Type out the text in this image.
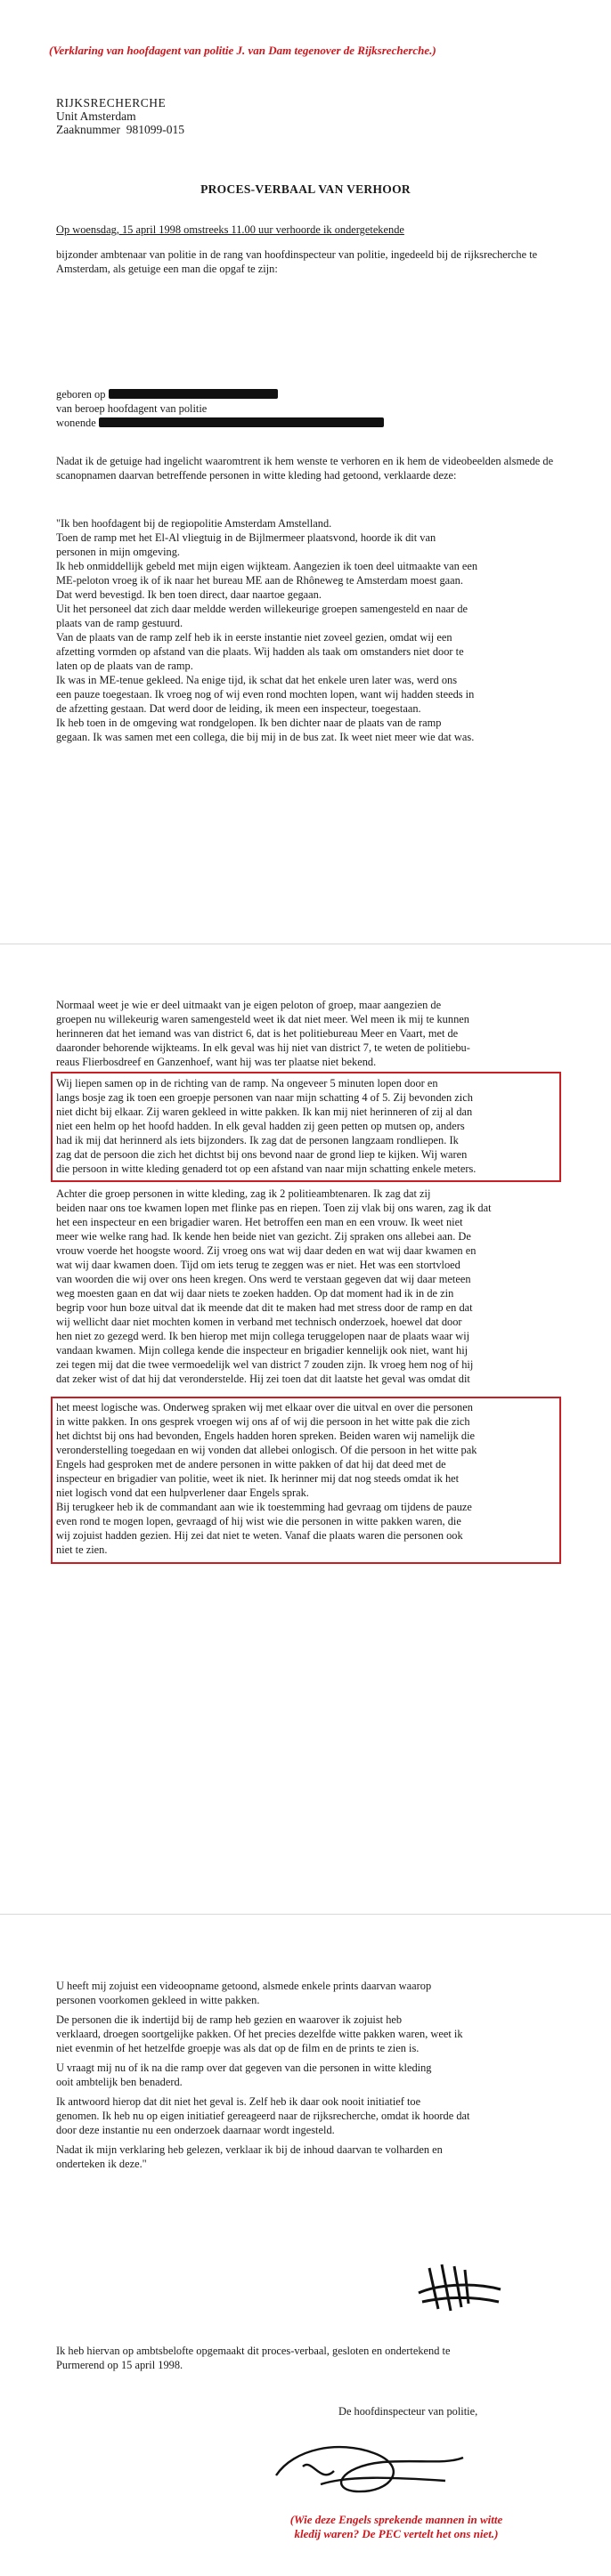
(Verklaring van hoofdagent van politie J. van Dam tegenover de Rijksrecherche.)
RIJKSRECHERCHE
Unit Amsterdam
Zaaknummer 981099-015
PROCES-VERBAAL VAN VERHOOR

Op woensdag, 15 april 1998 omstreeks 11.00 uur verhoorde ik ondergetekende

bijzonder ambtenaar van politie in de rang van hoofdinspecteur van politie, ingedeeld bij de rijksrecherche te Amsterdam, als getuige een man die opgaf te zijn:

geboren op

van beroep hoofdagent van politie

wonende

Nadat ik de getuige had ingelicht waaromtrent ik hem wenste te verhoren en ik hem de videobeelden alsmede de scanopnamen daarvan betreffende personen in witte kleding had getoond, verklaarde deze:

"Ik ben hoofdagent bij de regiopolitie Amsterdam Amstelland.

Toen de ramp met het El-Al vliegtuig in de Bijlmermeer plaatsvond, hoorde ik dit van

personen in mijn omgeving.

Ik heb onmiddellijk gebeld met mijn eigen wijkteam. Aangezien ik toen deel uitmaakte van een

ME-peloton vroeg ik of ik naar het bureau ME aan de Rhôneweg te Amsterdam moest gaan.

Dat werd bevestigd. Ik ben toen direct, daar naartoe gegaan.

Uit het personeel dat zich daar meldde werden willekeurige groepen samengesteld en naar de

plaats van de ramp gestuurd.

Van de plaats van de ramp zelf heb ik in eerste instantie niet zoveel gezien, omdat wij een

afzetting vormden op afstand van die plaats. Wij hadden als taak om omstanders niet door te

laten op de plaats van de ramp.

Ik was in ME-tenue gekleed. Na enige tijd, ik schat dat het enkele uren later was, werd ons

een pauze toegestaan. Ik vroeg nog of wij even rond mochten lopen, want wij hadden steeds in

de afzetting gestaan. Dat werd door de leiding, ik meen een inspecteur, toegestaan.

Ik heb toen in de omgeving wat rondgelopen. Ik ben dichter naar de plaats van de ramp

gegaan. Ik was samen met een collega, die bij mij in de bus zat. Ik weet niet meer wie dat was.

Normaal weet je wie er deel uitmaakt van je eigen peloton of groep, maar aangezien de

groepen nu willekeurig waren samengesteld weet ik dat niet meer. Wel meen ik mij te kunnen

herinneren dat het iemand was van district 6, dat is het politiebureau Meer en Vaart, met de

daaronder behorende wijkteams. In elk geval was hij niet van district 7, te weten de politiebu-

reaus Flierbosdreef en Ganzenhoef, want hij was ter plaatse niet bekend.

Wij liepen samen op in de richting van de ramp. Na ongeveer 5 minuten lopen door en

langs bosje zag ik toen een groepje personen van naar mijn schatting 4 of 5. Zij bevonden zich

niet dicht bij elkaar. Zij waren gekleed in witte pakken. Ik kan mij niet herinneren of zij al dan

niet een helm op het hoofd hadden. In elk geval hadden zij geen petten op mutsen op, anders

had ik mij dat herinnerd als iets bijzonders. Ik zag dat de personen langzaam rondliepen. Ik

zag dat de persoon die zich het dichtst bij ons bevond naar de grond liep te kijken. Wij waren

die persoon in witte kleding genaderd tot op een afstand van naar mijn schatting enkele meters.

Achter die groep personen in witte kleding, zag ik 2 politieambtenaren. Ik zag dat zij

beiden naar ons toe kwamen lopen met flinke pas en riepen. Toen zij vlak bij ons waren, zag ik dat

het een inspecteur en een brigadier waren. Het betroffen een man en een vrouw. Ik weet niet

meer wie welke rang had. Ik kende hen beide niet van gezicht. Zij spraken ons allebei aan. De

vrouw voerde het hoogste woord. Zij vroeg ons wat wij daar deden en wat wij daar kwamen en

wat wij daar kwamen doen. Tijd om iets terug te zeggen was er niet. Het was een stortvloed

van woorden die wij over ons heen kregen. Ons werd te verstaan gegeven dat wij daar meteen

weg moesten gaan en dat wij daar niets te zoeken hadden. Op dat moment had ik in de zin

begrip voor hun boze uitval dat ik meende dat dit te maken had met stress door de ramp en dat

wij wellicht daar niet mochten komen in verband met technisch onderzoek, hoewel dat door

hen niet zo gezegd werd. Ik ben hierop met mijn collega teruggelopen naar de plaats waar wij

vandaan kwamen. Mijn collega kende die inspecteur en brigadier kennelijk ook niet, want hij

zei tegen mij dat die twee vermoedelijk wel van district 7 zouden zijn. Ik vroeg hem nog of hij

dat zeker wist of dat hij dat veronderstelde. Hij zei toen dat dit laatste het geval was omdat dit

het meest logische was. Onderweg spraken wij met elkaar over die uitval en over die personen

in witte pakken. In ons gesprek vroegen wij ons af of wij die persoon in het witte pak die zich

het dichtst bij ons had bevonden, Engels hadden horen spreken. Beiden waren wij namelijk die

veronderstelling toegedaan en wij vonden dat allebei onlogisch. Of die persoon in het witte pak

Engels had gesproken met de andere personen in witte pakken of dat hij dat deed met de

inspecteur en brigadier van politie, weet ik niet. Ik herinner mij dat nog steeds omdat ik het

niet logisch vond dat een hulpverlener daar Engels sprak.

Bij terugkeer heb ik de commandant aan wie ik toestemming had gevraag om tijdens de pauze

even rond te mogen lopen, gevraagd of hij wist wie die personen in witte pakken waren, die

wij zojuist hadden gezien. Hij zei dat niet te weten. Vanaf die plaats waren die personen ook

niet te zien.

U heeft mij zojuist een videoopname getoond, alsmede enkele prints daarvan waarop

personen voorkomen gekleed in witte pakken.

De personen die ik indertijd bij de ramp heb gezien en waarover ik zojuist heb

verklaard, droegen soortgelijke pakken. Of het precies dezelfde witte pakken waren, weet ik

niet evenmin of het hetzelfde groepje was als dat op de film en de prints te zien is.

U vraagt mij nu of ik na die ramp over dat gegeven van die personen in witte kleding

ooit ambtelijk ben benaderd.

Ik antwoord hierop dat dit niet het geval is. Zelf heb ik daar ook nooit initiatief toe

genomen. Ik heb nu op eigen initiatief gereageerd naar de rijksrecherche, omdat ik hoorde dat

door deze instantie nu een onderzoek daarnaar wordt ingesteld.

Nadat ik mijn verklaring heb gelezen, verklaar ik bij de inhoud daarvan te volharden en

onderteken ik deze."

Ik heb hiervan op ambtsbelofte opgemaakt dit proces-verbaal, gesloten en ondertekend te

Purmerend op 15 april 1998.

De hoofdinspecteur van politie,
(Wie deze Engels sprekende mannen in witte
kledij waren? De PEC vertelt het ons niet.)
